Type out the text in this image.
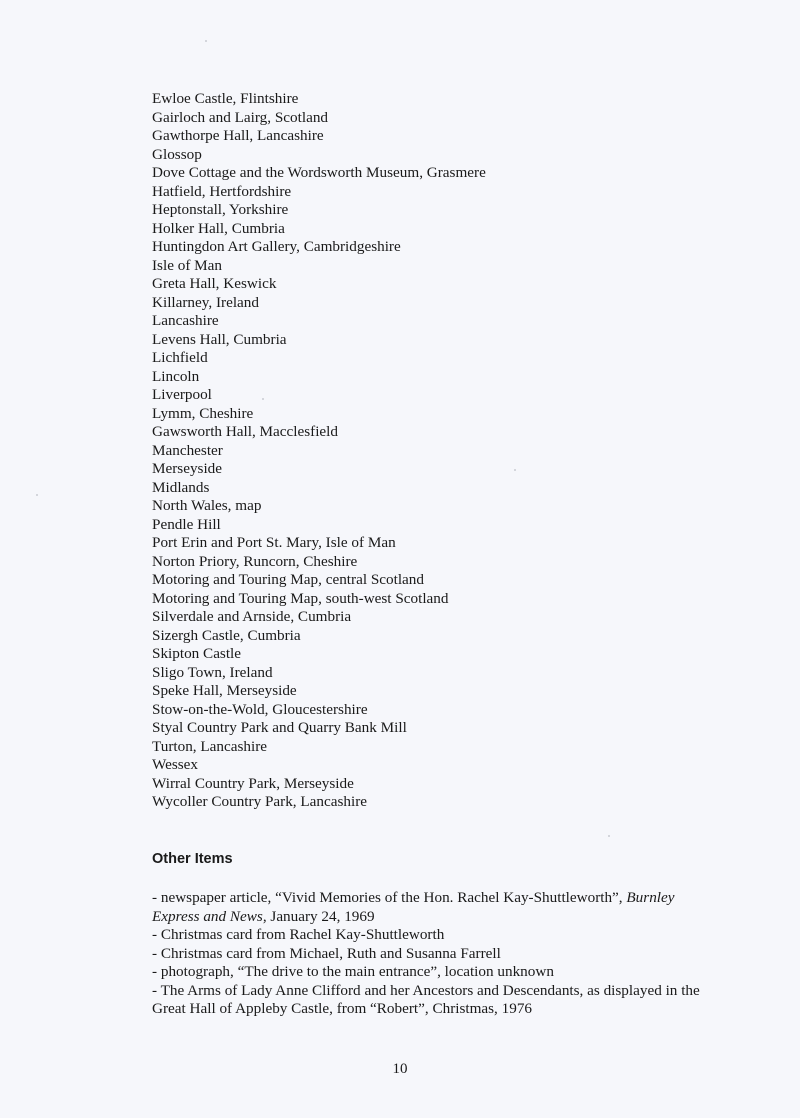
Ewloe Castle, Flintshire
Gairloch and Lairg, Scotland
Gawthorpe Hall, Lancashire
Glossop
Dove Cottage and the Wordsworth Museum, Grasmere
Hatfield, Hertfordshire
Heptonstall, Yorkshire
Holker Hall, Cumbria
Huntingdon Art Gallery, Cambridgeshire
Isle of Man
Greta Hall, Keswick
Killarney, Ireland
Lancashire
Levens Hall, Cumbria
Lichfield
Lincoln
Liverpool
Lymm, Cheshire
Gawsworth Hall, Macclesfield
Manchester
Merseyside
Midlands
North Wales, map
Pendle Hill
Port Erin and Port St. Mary, Isle of Man
Norton Priory, Runcorn, Cheshire
Motoring and Touring Map, central Scotland
Motoring and Touring Map, south-west Scotland
Silverdale and Arnside, Cumbria
Sizergh Castle, Cumbria
Skipton Castle
Sligo Town, Ireland
Speke Hall, Merseyside
Stow-on-the-Wold, Gloucestershire
Styal Country Park and Quarry Bank Mill
Turton, Lancashire
Wessex
Wirral Country Park, Merseyside
Wycoller Country Park, Lancashire
Other Items

- newspaper article, “Vivid Memories of the Hon. Rachel Kay-Shuttleworth”, Burnley Express and News, January 24, 1969

- Christmas card from Rachel Kay-Shuttleworth

- Christmas card from Michael, Ruth and Susanna Farrell

- photograph, “The drive to the main entrance”, location unknown

- The Arms of Lady Anne Clifford and her Ancestors and Descendants, as displayed in the Great Hall of Appleby Castle, from “Robert”, Christmas, 1976

10
